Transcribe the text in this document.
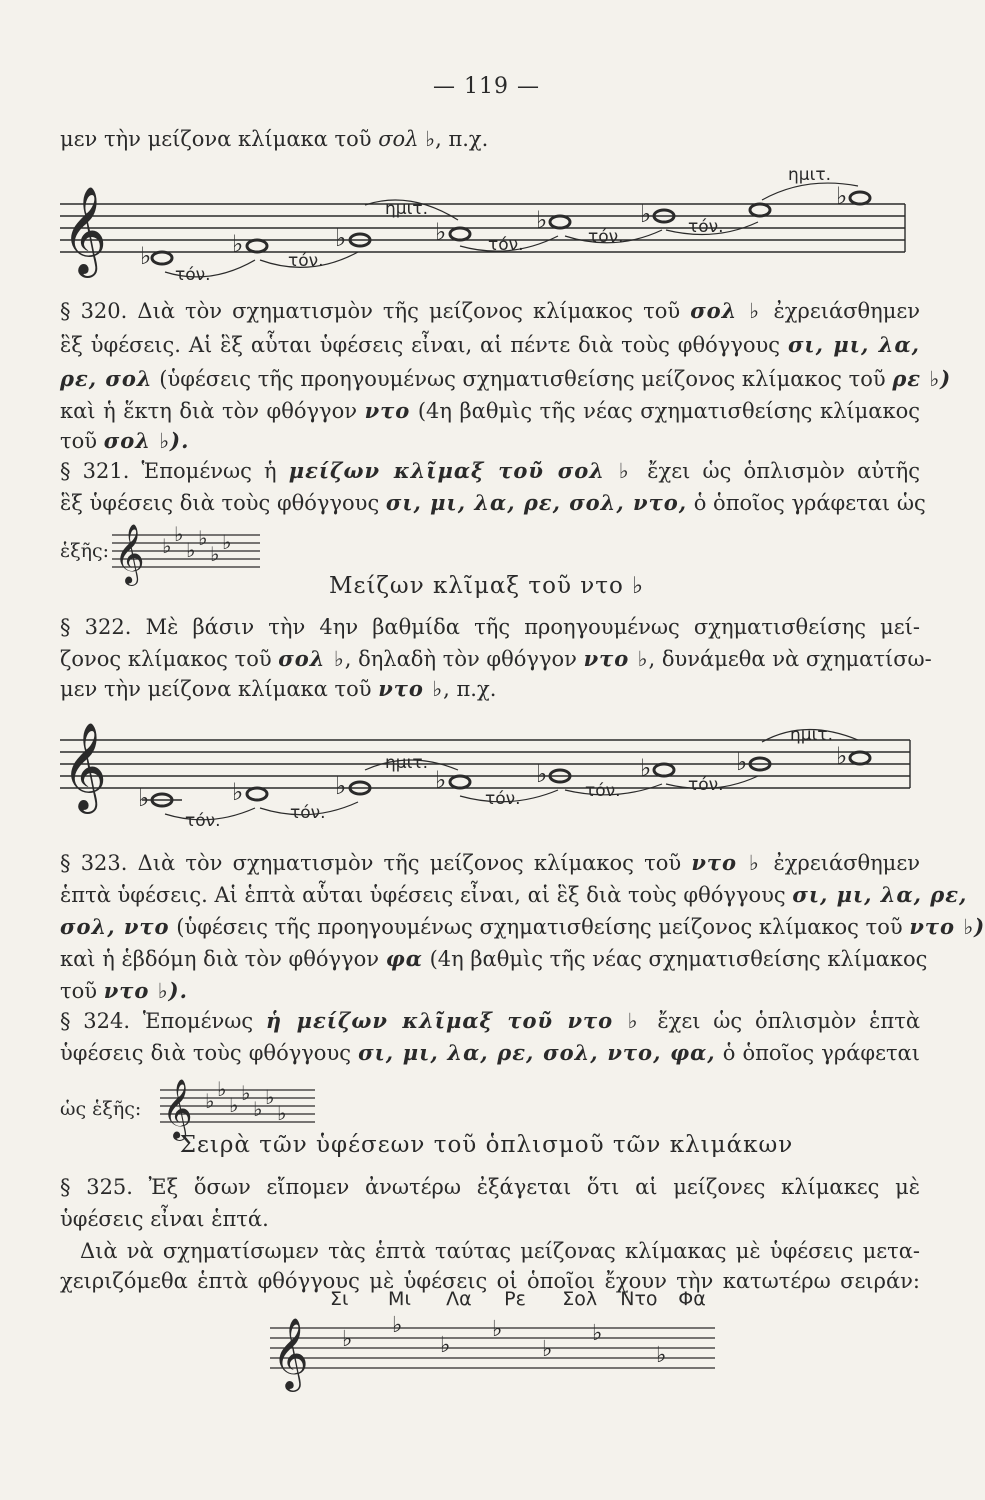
— 119 —
μεν τὴν μείζονα κλίμακα τοῦ σολ ♭, π.χ.
𝄞 ♭	♭	♭	♭	♭	♭
♭
τόν.
τόν.
ημιτ.
τόν.	τόν.	τόν.
ημιτ.
§ 320. Διὰ τὸν σχηματισμὸν τῆς μείζονος κλίμακος τοῦ σολ ♭ ἐχρειάσθημεν
ἓξ ὑφέσεις. Αἱ ἓξ αὗται ὑφέσεις εἶναι, αἱ πέντε διὰ τοὺς φθόγγους σι, μι, λα,
ρε, σολ (ὑφέσεις τῆς προηγουμένως σχηματισθείσης μείζονος κλίμακος τοῦ ρε ♭)
καὶ ἡ ἕκτη διὰ τὸν φθόγγον ντο (4η βαθμὶς τῆς νέας σχηματισθείσης κλίμακος
τοῦ σολ ♭).
§ 321. Ἑπομένως ἡ μείζων κλῖμαξ τοῦ σολ ♭ ἔχει ὡς ὁπλισμὸν αὐτῆς
ἓξ ὑφέσεις διὰ τοὺς φθόγγους σι, μι, λα, ρε, σολ, ντο, ὁ ὁποῖος γράφεται ὡς
ἑξῆς: 𝄞 ♭ ♭
♭ ♭
♭ ♭
Μείζων κλῖμαξ τοῦ ντο ♭
§ 322. Μὲ βάσιν τὴν 4ην βαθμίδα τῆς προηγουμένως σχηματισθείσης μεί-
ζονος κλίμακος τοῦ σολ ♭, δηλαδὴ τὸν φθόγγον ντο ♭, δυνάμεθα νὰ σχηματίσω-
μεν τὴν μείζονα κλίμακα τοῦ ντο ♭, π.χ.
𝄞 ♭	♭	♭	♭	♭	♭	♭	♭
τόν.	τόν.
ημιτ.
τόν.	τόν.	τόν.
ημιτ.
§ 323. Διὰ τὸν σχηματισμὸν τῆς μείζονος κλίμακος τοῦ ντο ♭ ἐχρειάσθημεν
ἑπτὰ ὑφέσεις. Αἱ ἑπτὰ αὗται ὑφέσεις εἶναι, αἱ ἓξ διὰ τοὺς φθόγγους σι, μι, λα, ρε,
σολ, ντο (ὑφέσεις τῆς προηγουμένως σχηματισθείσης μείζονος κλίμακος τοῦ ντο ♭)
καὶ ἡ ἑβδόμη διὰ τὸν φθόγγον φα (4η βαθμὶς τῆς νέας σχηματισθείσης κλίμακος
τοῦ ντο ♭).
§ 324. Ἑπομένως ἡ μείζων κλῖμαξ τοῦ ντο ♭ ἔχει ὡς ὁπλισμὸν ἑπτὰ
ὑφέσεις διὰ τοὺς φθόγγους σι, μι, λα, ρε, σολ, ντο, φα, ὁ ὁποῖος γράφεται
ὡς ἑξῆς: 𝄞 ♭ ♭
♭ ♭
♭ ♭
♭
Σειρὰ τῶν ὑφέσεων τοῦ ὁπλισμοῦ τῶν κλιμάκων
§ 325. Ἐξ ὅσων εἴπομεν ἀνωτέρω ἐξάγεται ὅτι αἱ μείζονες κλίμακες μὲ
ὑφέσεις εἶναι ἑπτά.
Διὰ νὰ σχηματίσωμεν τὰς ἑπτὰ ταύτας μείζονας κλίμακας μὲ ὑφέσεις μετα-
χειριζόμεθα ἑπτὰ φθόγγους μὲ ὑφέσεις οἱ ὁποῖοι ἔχουν τὴν κατωτέρω σειράν:
Σι Μι Λα Ρε Σολ Ντο Φα
𝄞 ♭
♭
♭
♭
♭
♭
♭
